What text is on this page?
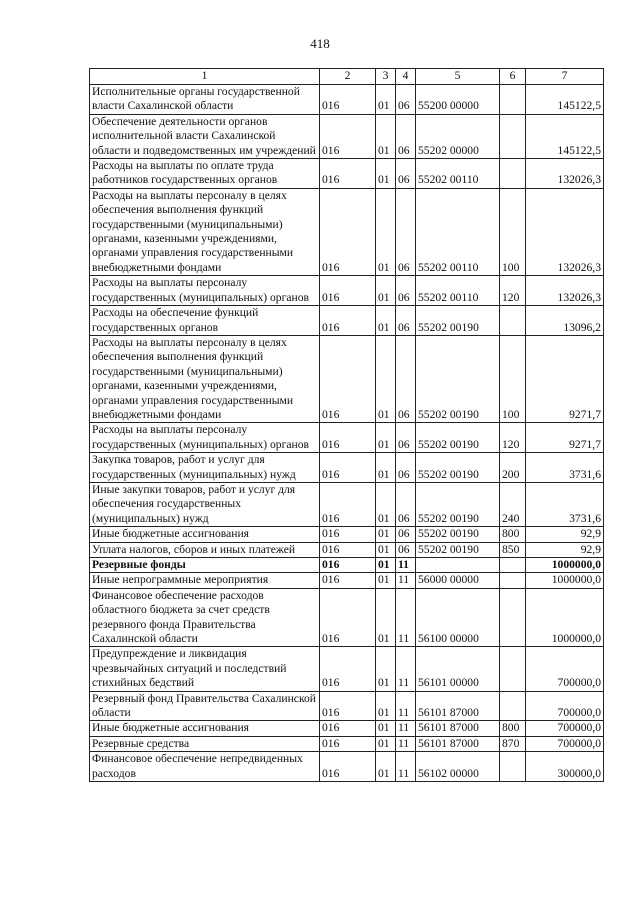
418
1	2	3	4	5	6	7
Исполнительные органы государственной власти Сахалинской области	016	01	06	55200 00000		145122,5
Обеспечение деятельности органов исполнительной власти Сахалинской области и подведомственных им учреждений	016	01	06	55202 00000		145122,5
Расходы на выплаты по оплате труда работников государственных органов	016	01	06	55202 00110		132026,3
Расходы на выплаты персоналу в целях обеспечения выполнения функций государственными (муниципальными) органами, казенными учреждениями, органами управления государственными внебюджетными фондами	016	01	06	55202 00110	100	132026,3
Расходы на выплаты персоналу государственных (муниципальных) органов	016	01	06	55202 00110	120	132026,3
Расходы на обеспечение функций государственных органов	016	01	06	55202 00190		13096,2
Расходы на выплаты персоналу в целях обеспечения выполнения функций государственными (муниципальными) органами, казенными учреждениями, органами управления государственными внебюджетными фондами	016	01	06	55202 00190	100	9271,7
Расходы на выплаты персоналу государственных (муниципальных) органов	016	01	06	55202 00190	120	9271,7
Закупка товаров, работ и услуг для государственных (муниципальных) нужд	016	01	06	55202 00190	200	3731,6
Иные закупки товаров, работ и услуг для обеспечения государственных (муниципальных) нужд	016	01	06	55202 00190	240	3731,6
Иные бюджетные ассигнования	016	01	06	55202 00190	800	92,9
Уплата налогов, сборов и иных платежей	016	01	06	55202 00190	850	92,9
Резервные фонды	016	01	11			1000000,0
Иные непрограммные мероприятия	016	01	11	56000 00000		1000000,0
Финансовое обеспечение расходов областного бюджета за счет средств резервного фонда Правительства Сахалинской области	016	01	11	56100 00000		1000000,0
Предупреждение и ликвидация чрезвычайных ситуаций и последствий стихийных бедствий	016	01	11	56101 00000		700000,0
Резервный фонд Правительства Сахалинской области	016	01	11	56101 87000		700000,0
Иные бюджетные ассигнования	016	01	11	56101 87000	800	700000,0
Резервные средства	016	01	11	56101 87000	870	700000,0
Финансовое обеспечение непредвиденных расходов	016	01	11	56102 00000		300000,0
